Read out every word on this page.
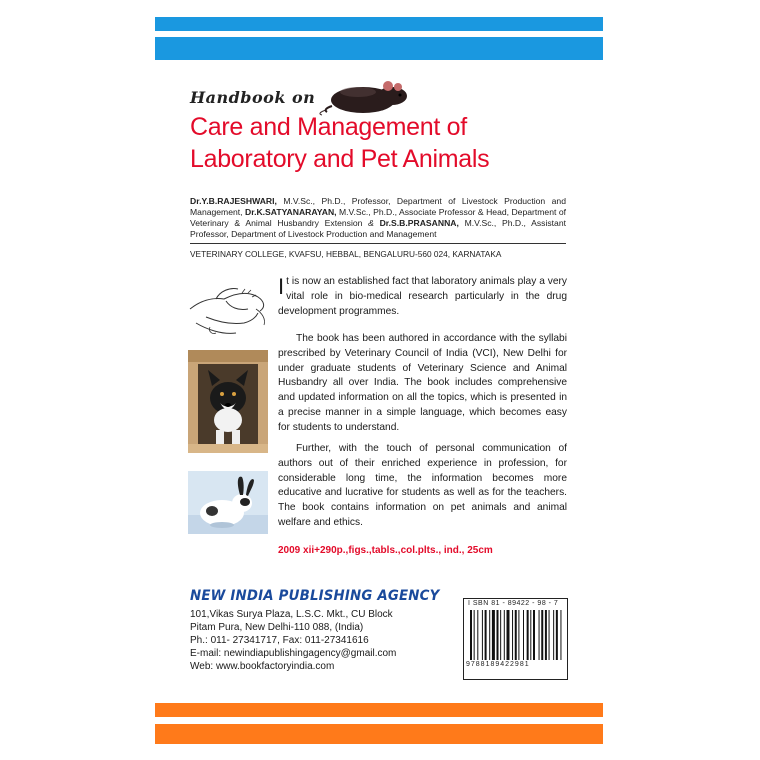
Handbook on
Care and Management of
Laboratory and Pet Animals
Dr.Y.B.RAJESHWARI, M.V.Sc., Ph.D., Professor, Department of Livestock Production and Management, Dr.K.SATYANARAYAN, M.V.Sc., Ph.D., Associate Professor & Head, Department of Veterinary & Animal Husbandry Extension & Dr.S.B.PRASANNA, M.V.Sc., Ph.D., Assistant Professor, Department of Livestock Production and Management
VETERINARY COLLEGE, KVAFSU, HEBBAL, BENGALURU-560 024, KARNATAKA
It is now an established fact that laboratory animals play a very vital role in bio-medical research particularly in the drug development programmes.
The book has been authored in accordance with the syllabi prescribed by Veterinary Council of India (VCI), New Delhi for under graduate students of Veterinary Science and Animal Husbandry all over India. The book includes comprehensive and updated information on all the topics, which is presented in a precise manner in a simple language, which becomes easy for students to understand.
Further, with the touch of personal communication of authors out of their enriched experience in profession, for considerable long time, the information becomes more educative and lucrative for students as well as for the teachers. The book contains information on pet animals and animal welfare and ethics.
2009 xii+290p.,figs.,tabls.,col.plts., ind., 25cm
NEW INDIA PUBLISHING AGENCY
101,Vikas Surya Plaza, L.S.C. Mkt., CU Block
Pitam Pura, New Delhi-110 088, (India)
Ph.: 011- 27341717, Fax: 011-27341616
E-mail: newindiapublishingagency@gmail.com
Web: www.bookfactoryindia.com
I SBN 81 - 89422 - 98 - 7
9788189422981
